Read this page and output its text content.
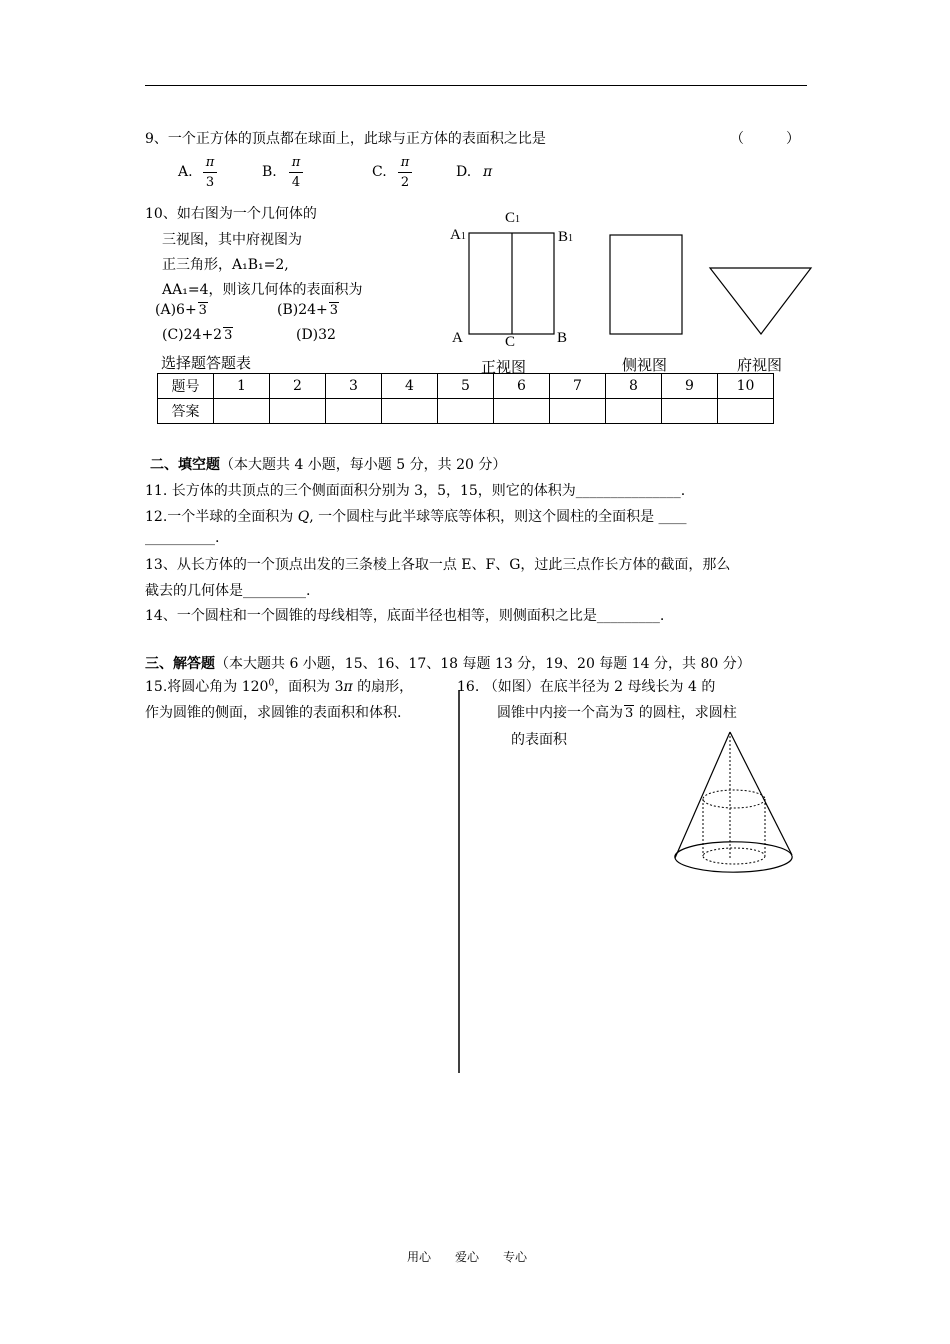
9、一个正方体的顶点都在球面上，此球与正方体的表面积之比是	（　　　）
A.
π
3
B.
π
4
C.
π
2
D. π
10、如右图为一个几何体的
三视图，其中府视图为
正三角形，A₁B₁=2,
AA₁=4，则该几何体的表面积为
(A)6+ 3	(B)24+ 3
(C)24+2 3	(D)32
C1
A1	B1
A	C	B
正视图	侧视图	府视图
选择题答题表
题号	1	2	3	4	5	6	7	8	9	10
答案										
二、填空题（本大题共 4 小题，每小题 5 分，共 20 分）
11. 长方体的共顶点的三个侧面面积分别为 3，5，15，则它的体积为_______________.
12.一个半球的全面积为 Q, 一个圆柱与此半球等底等体积，则这个圆柱的全面积是 ____
__________.
13、从长方体的一个顶点出发的三条棱上各取一点 E、F、G，过此三点作长方体的截面，那么
截去的几何体是_________.
14、一个圆柱和一个圆锥的母线相等，底面半径也相等，则侧面积之比是_________.
三、解答题（本大题共 6 小题，15、16、17、18 每题 13 分，19、20 每题 14 分，共 80 分）
15.将圆心角为 $120^0$，面积为 3π 的扇形，
作为圆锥的侧面，求圆锥的表面积和体积.
16. （如图）在底半径为 2 母线长为 4 的
圆锥中内接一个高为 3 的圆柱，求圆柱
的表面积
用心　　爱心　　专心
